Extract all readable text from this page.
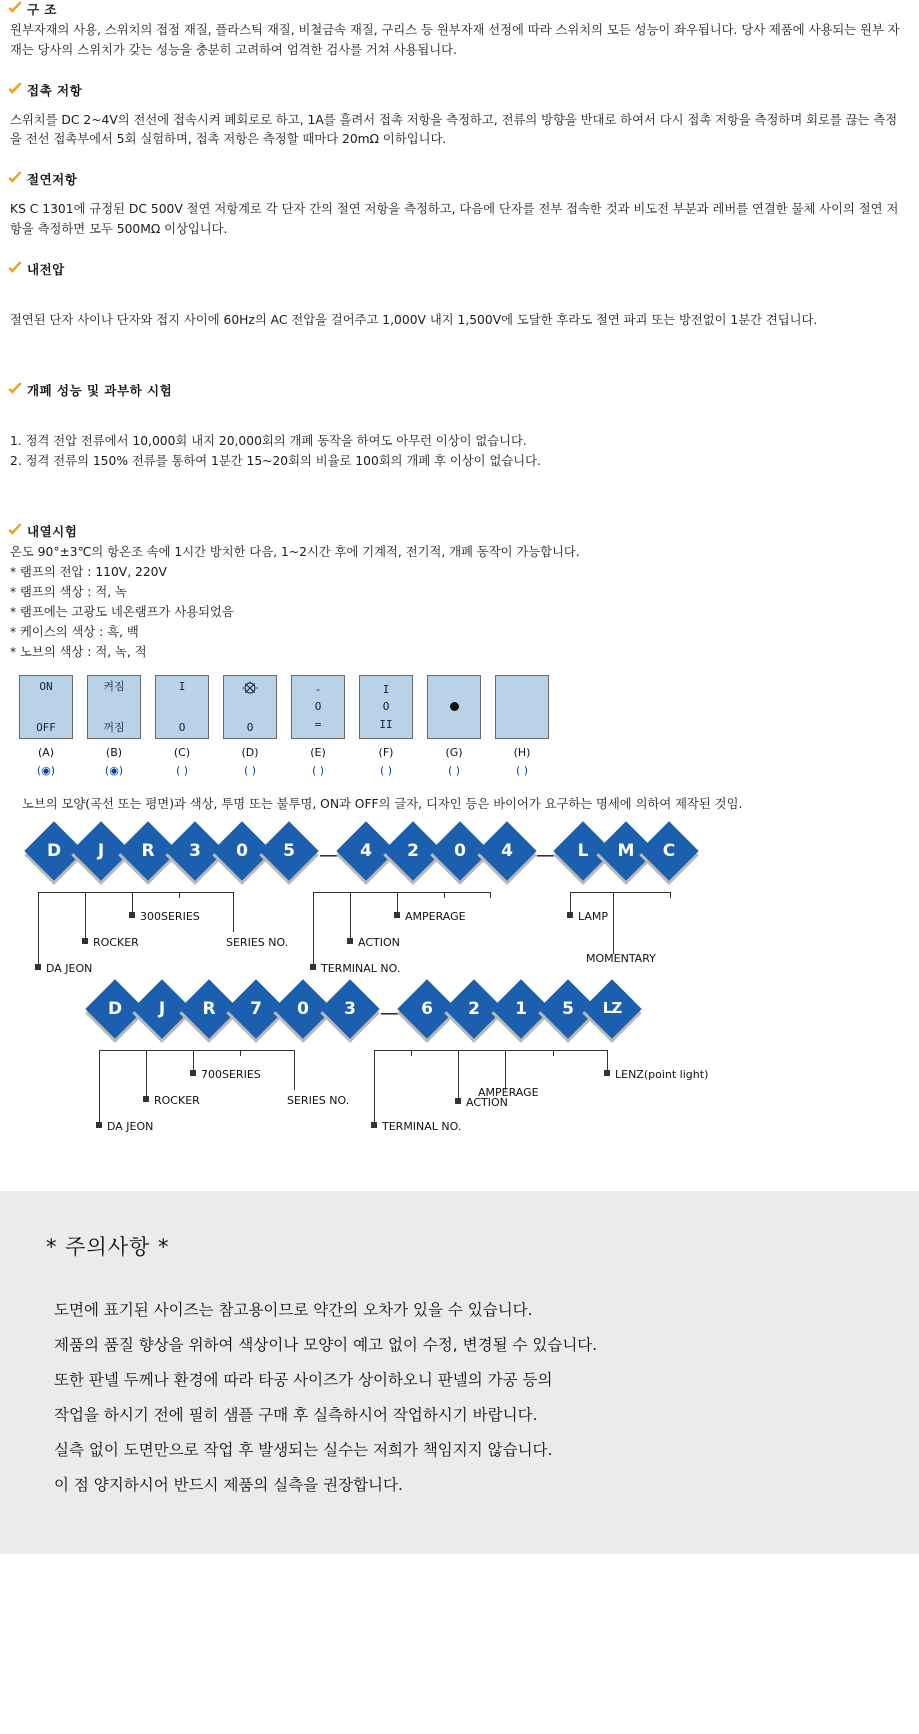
구 조
원부자재의 사용, 스위치의 접점 재질, 플라스틱 재질, 비철금속 재질, 구리스 등 원부자재 선정에 따라 스위치의 모든 성능이 좌우됩니다. 당사 제품에 사용되는 원부 자재는 당사의 스위치가 갖는 성능을 충분히 고려하여 엄격한 검사를 거쳐 사용됩니다.
접촉 저항
스위치를 DC 2~4V의 전선에 접속시켜 폐회로로 하고, 1A를 흘려서 접촉 저항을 측정하고, 전류의 방향을 반대로 하여서 다시 접촉 저항을 측정하며 회로를 끊는 측정을 전선 접촉부에서 5회 실험하며, 접촉 저항은 측정할 때마다 20mΩ 이하입니다.
절연저항
KS C 1301에 규정된 DC 500V 절연 저항계로 각 단자 간의 절연 저항을 측정하고, 다음에 단자를 전부 접속한 것과 비도전 부분과 레버를 연결한 물체 사이의 절연 저항을 측정하면 모두 500MΩ 이상입니다.
내전압
절연된 단자 사이나 단자와 접지 사이에 60Hz의 AC 전압을 걸어주고 1,000V 내지 1,500V에 도달한 후라도 절연 파괴 또는 방전없이 1분간 견딥니다.
개폐 성능 및 과부하 시험

1. 정격 전압 전류에서 10,000회 내지 20,000회의 개폐 동작을 하여도 아무런 이상이 없습니다.

2. 정격 전류의 150% 전류를 통하여 1분간 15~20회의 비율로 100회의 개폐 후 이상이 없습니다.

내열시험

온도 90°±3℃의 항온조 속에 1시간 방치한 다음, 1~2시간 후에 기계적, 전기적, 개폐 동작이 가능합니다.

* 램프의 전압 : 110V, 220V

* 램프의 색상 : 적, 녹

* 램프에는 고광도 네온램프가 사용되었음

* 케이스의 색상 : 흑, 백

* 노브의 색상 : 적, 녹, 적

ON
OFF
(A)
(◉)
켜짐
꺼짐
(B)
(◉)
I
O
(C)
( )
O
(D)
( )
-
O
=
(E)
( )
I
O
II
(F)
( )
(G)
( )
(H)
( )
노브의 모양(곡선 또는 평면)과 색상, 투명 또는 불투명, ON과 OFF의 글자, 디자인 등은 바이어가 요구하는 명세에 의하여 제작된 것임.
D	J	R	3	0	5	—	4	2	0	4	—	L	M	C
300SERIES
ROCKER	SERIES NO.
DA JEON
AMPERAGE
ACTION
TERMINAL NO.
LAMP
MOMENTARY
D	J	R	7	0	3	—	6	2	1	5	LZ
700SERIES
ROCKER	SERIES NO.
DA JEON
LENZ(point light)
AMPERAGE
ACTION
TERMINAL NO.
* 주의사항 *

도면에 표기된 사이즈는 참고용이므로 약간의 오차가 있을 수 있습니다.

제품의 품질 향상을 위하여 색상이나 모양이 예고 없이 수정, 변경될 수 있습니다.

또한 판넬 두께나 환경에 따라 타공 사이즈가 상이하오니 판넬의 가공 등의

작업을 하시기 전에 필히 샘플 구매 후 실측하시어 작업하시기 바랍니다.

실측 없이 도면만으로 작업 후 발생되는 실수는 저희가 책임지지 않습니다.

이 점 양지하시어 반드시 제품의 실측을 권장합니다.
